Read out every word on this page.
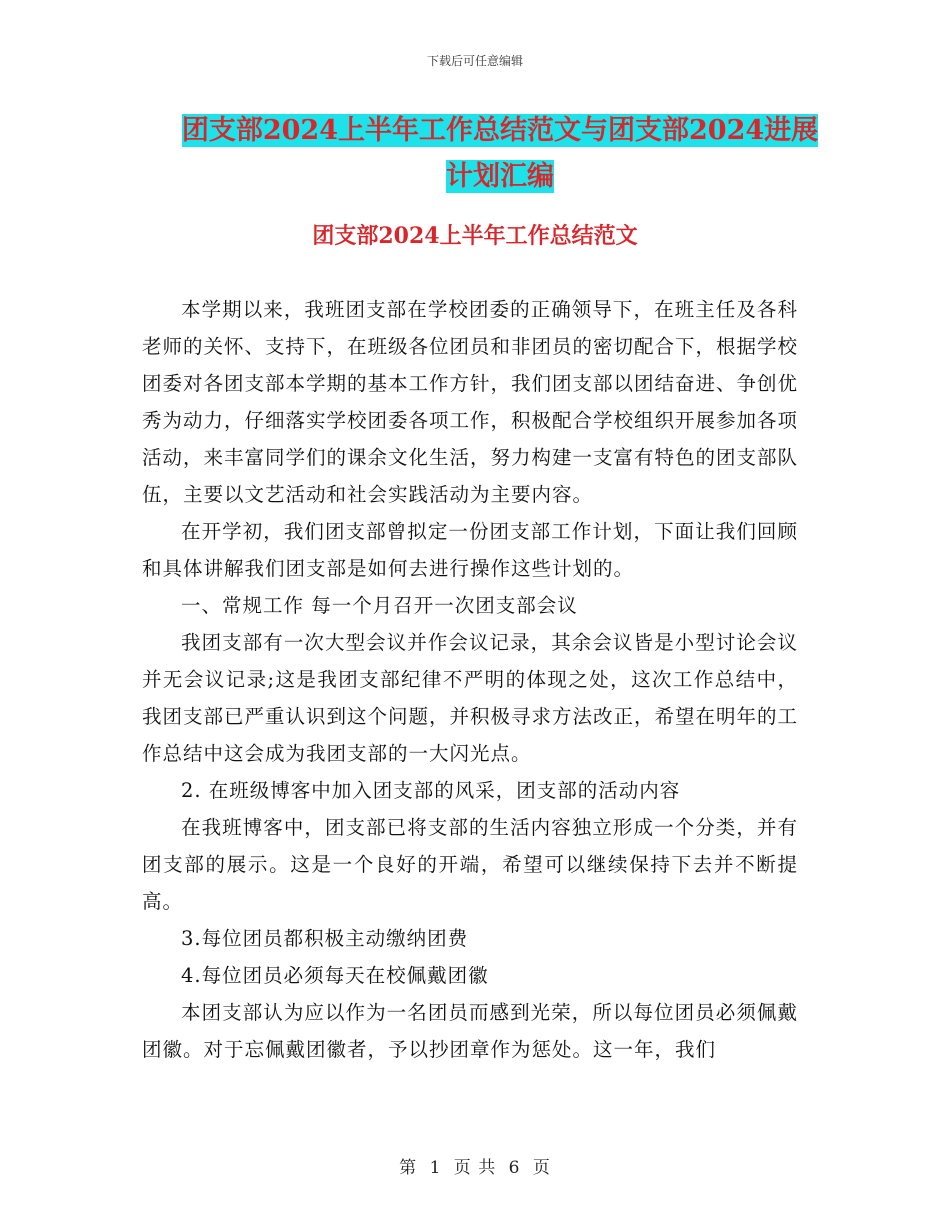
下载后可任意编辑
团支部2024上半年工作总结范文与团支部2024进展
计划汇编
团支部2024上半年工作总结范文

本学期以来，我班团支部在学校团委的正确领导下，在班主任及各科老师的关怀、支持下，在班级各位团员和非团员的密切配合下，根据学校团委对各团支部本学期的基本工作方针，我们团支部以团结奋进、争创优秀为动力，仔细落实学校团委各项工作，积极配合学校组织开展参加各项活动，来丰富同学们的课余文化生活，努力构建一支富有特色的团支部队伍，主要以文艺活动和社会实践活动为主要内容。

在开学初，我们团支部曾拟定一份团支部工作计划，下面让我们回顾和具体讲解我们团支部是如何去进行操作这些计划的。

一、常规工作 每一个月召开一次团支部会议

我团支部有一次大型会议并作会议记录，其余会议皆是小型讨论会议并无会议记录;这是我团支部纪律不严明的体现之处，这次工作总结中，我团支部已严重认识到这个问题，并积极寻求方法改正，希望在明年的工作总结中这会成为我团支部的一大闪光点。

2. 在班级博客中加入团支部的风采，团支部的活动内容

在我班博客中，团支部已将支部的生活内容独立形成一个分类，并有团支部的展示。这是一个良好的开端，希望可以继续保持下去并不断提高。

3.每位团员都积极主动缴纳团费

4.每位团员必须每天在校佩戴团徽

本团支部认为应以作为一名团员而感到光荣，所以每位团员必须佩戴团徽。对于忘佩戴团徽者，予以抄团章作为惩处。这一年，我们

第 1 页 共 6 页
